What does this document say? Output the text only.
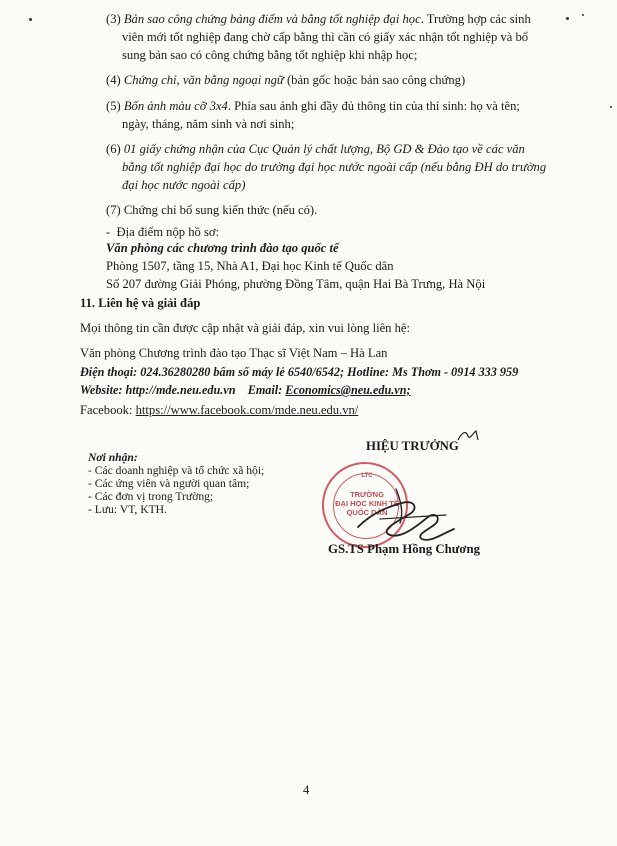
(3) Bản sao công chứng bảng điểm và bằng tốt nghiệp đại học. Trường hợp các sinh
viên mới tốt nghiệp đang chờ cấp bằng thì cần có giấy xác nhận tốt nghiệp và bổ
sung bản sao có công chứng bằng tốt nghiệp khi nhập học;
(4) Chứng chỉ, văn bằng ngoại ngữ (bản gốc hoặc bản sao công chứng)
(5) Bốn ảnh màu cỡ 3x4. Phía sau ảnh ghi đầy đủ thông tin của thí sinh: họ và tên;
ngày, tháng, năm sinh và nơi sinh;
(6) 01 giấy chứng nhận của Cục Quản lý chất lượng, Bộ GD & Đào tạo về các văn
bằng tốt nghiệp đại học do trường đại học nước ngoài cấp (nếu bằng ĐH do trường
đại học nước ngoài cấp)
(7) Chứng chỉ bổ sung kiến thức (nếu có).
- Địa điểm nộp hồ sơ:
Văn phòng các chương trình đào tạo quốc tế
Phòng 1507, tầng 15, Nhà A1, Đại học Kinh tế Quốc dân
Số 207 đường Giải Phóng, phường Đồng Tâm, quận Hai Bà Trưng, Hà Nội
11. Liên hệ và giải đáp
Mọi thông tin cần được cập nhật và giải đáp, xin vui lòng liên hệ:
Văn phòng Chương trình đào tạo Thạc sĩ Việt Nam – Hà Lan
Điện thoại: 024.36280280 bấm số máy lẻ 6540/6542; Hotline: Ms Thơm - 0914 333 959
Website: http://mde.neu.edu.vn Email: Economics@neu.edu.vn;
Facebook: https://www.facebook.com/mde.neu.edu.vn/
Nơi nhận:
- Các doanh nghiệp và tổ chức xã hội;
- Các ứng viên và người quan tâm;
- Các đơn vị trong Trường;
- Lưu: VT, KTH.
HIỆU TRƯỞNG
LTC
TRƯỜNG
ĐẠI HỌC KINH TẾ
QUỐC DÂN
GS.TS Phạm Hồng Chương
4
